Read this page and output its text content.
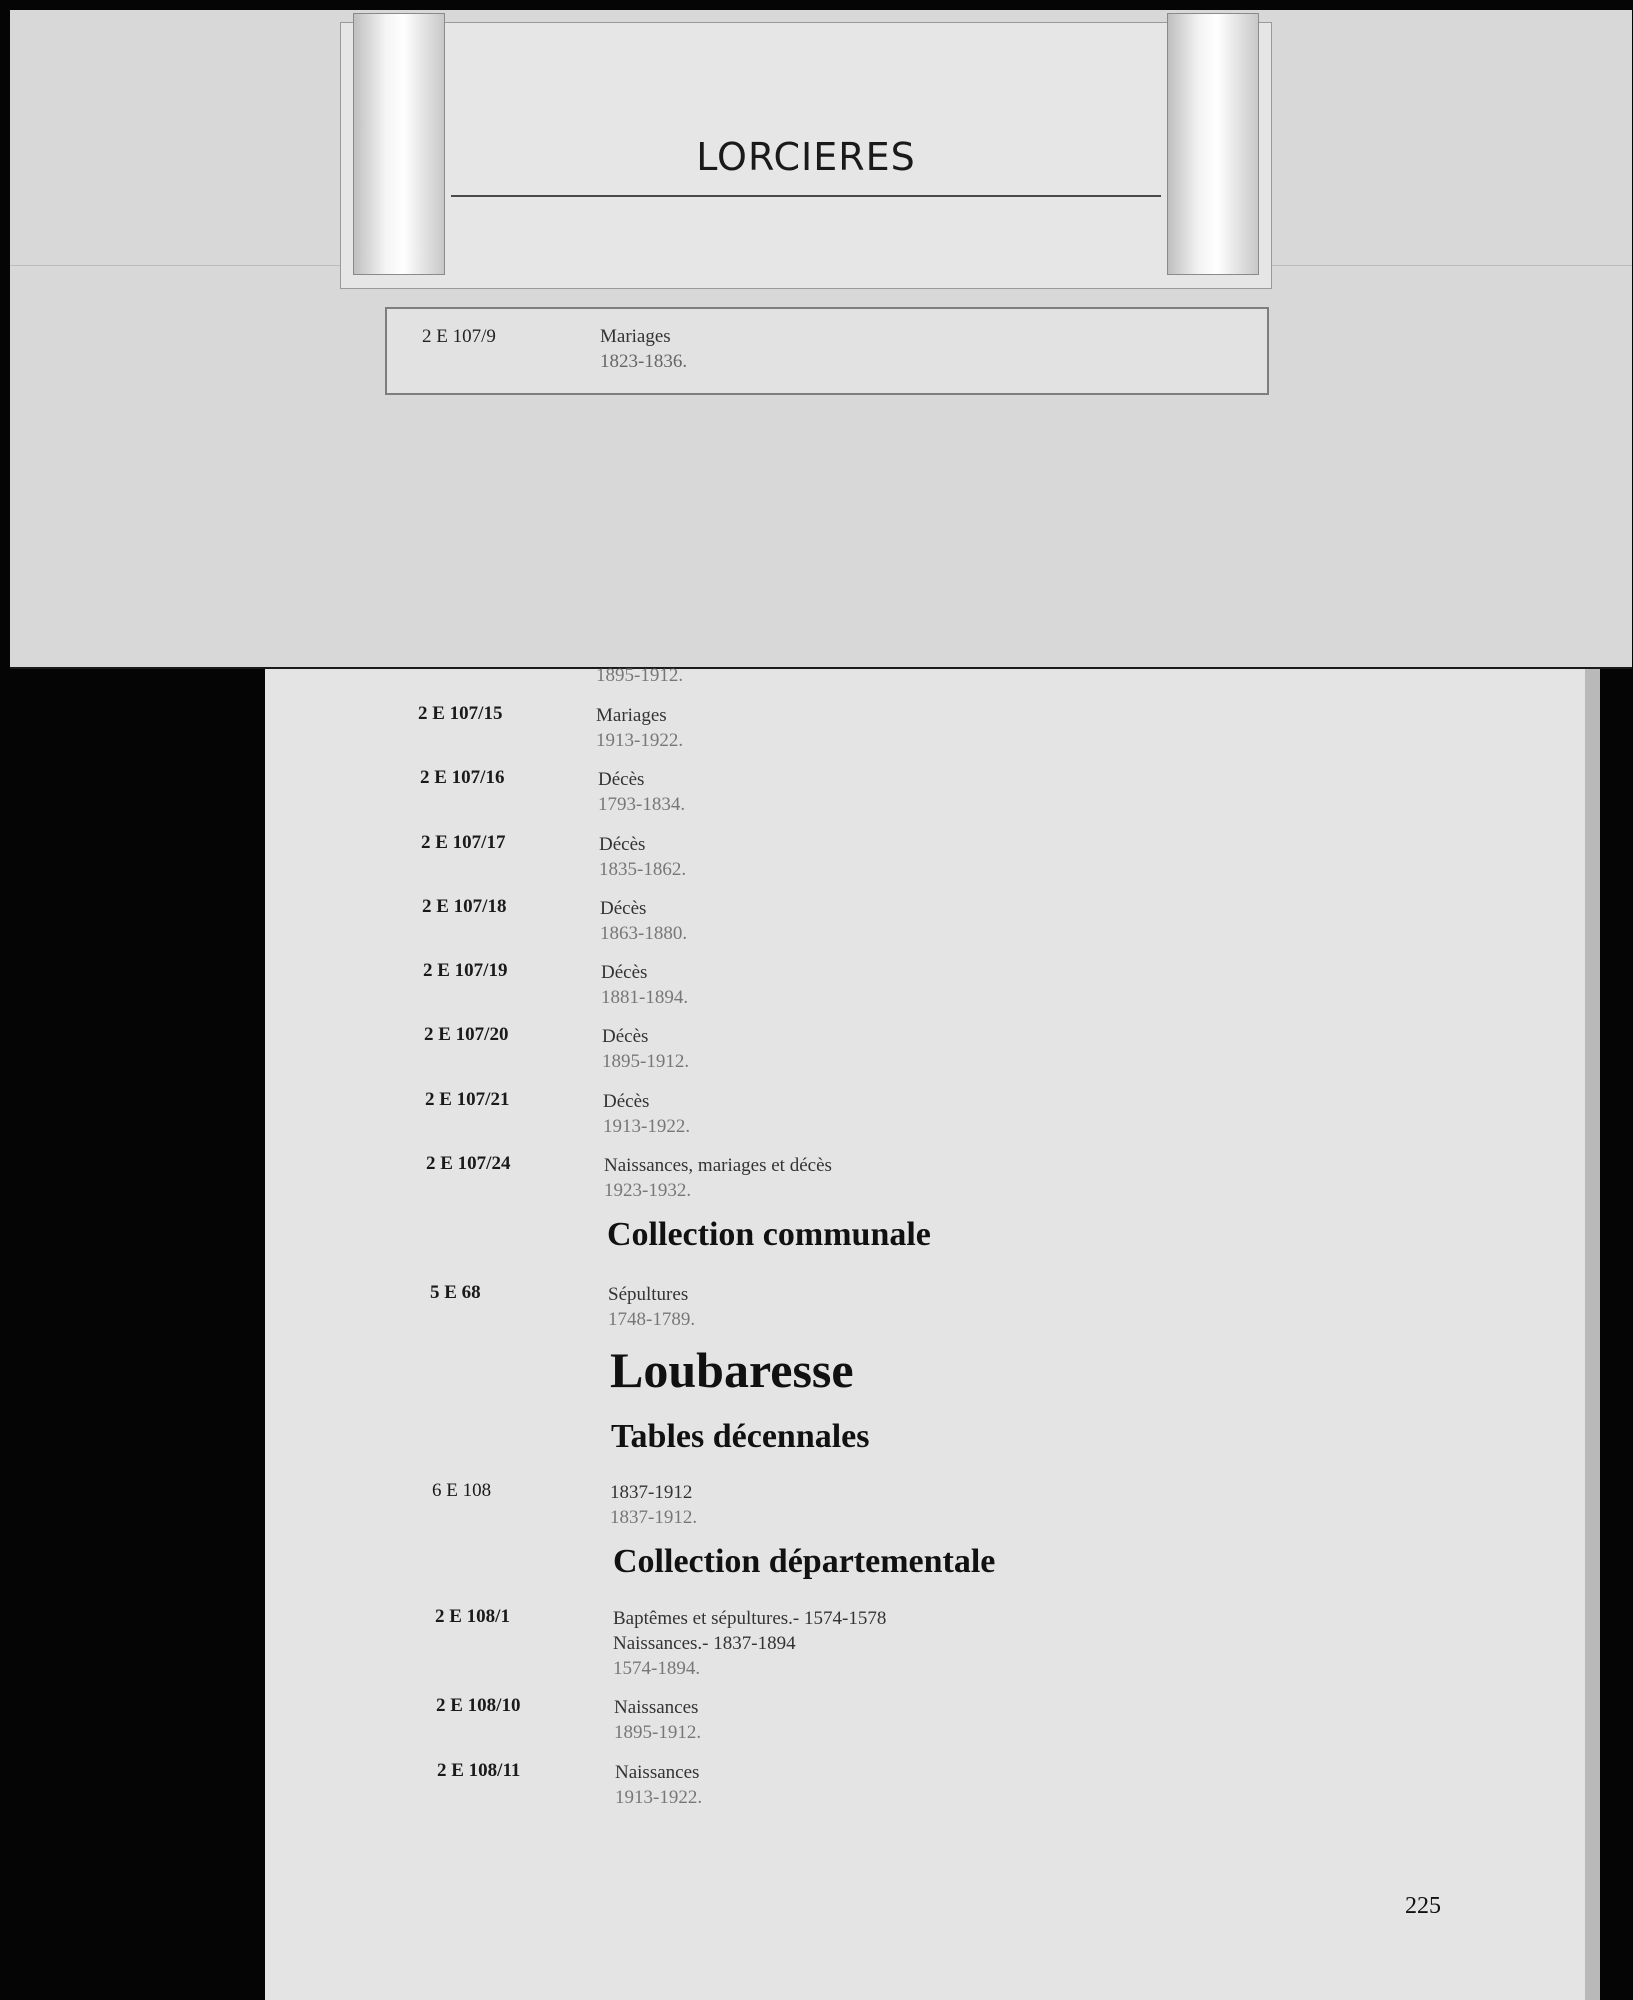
LORCIERES
2 E 107/9	Mariages
1823-1836.
1895-1912.
2 E 107/15	Mariages
1913-1922.
2 E 107/16	Décès
1793-1834.
2 E 107/17	Décès
1835-1862.
2 E 107/18	Décès
1863-1880.
2 E 107/19	Décès
1881-1894.
2 E 107/20	Décès
1895-1912.
2 E 107/21	Décès
1913-1922.
2 E 107/24	Naissances, mariages et décès
1923-1932.
Collection communale
5 E 68	Sépultures
1748-1789.
Loubaresse
Tables décennales
6 E 108	1837-1912
1837-1912.
Collection départementale
2 E 108/1	Baptêmes et sépultures.- 1574-1578
Naissances.- 1837-1894
1574-1894.
2 E 108/10	Naissances
1895-1912.
2 E 108/11	Naissances
1913-1922.
225
